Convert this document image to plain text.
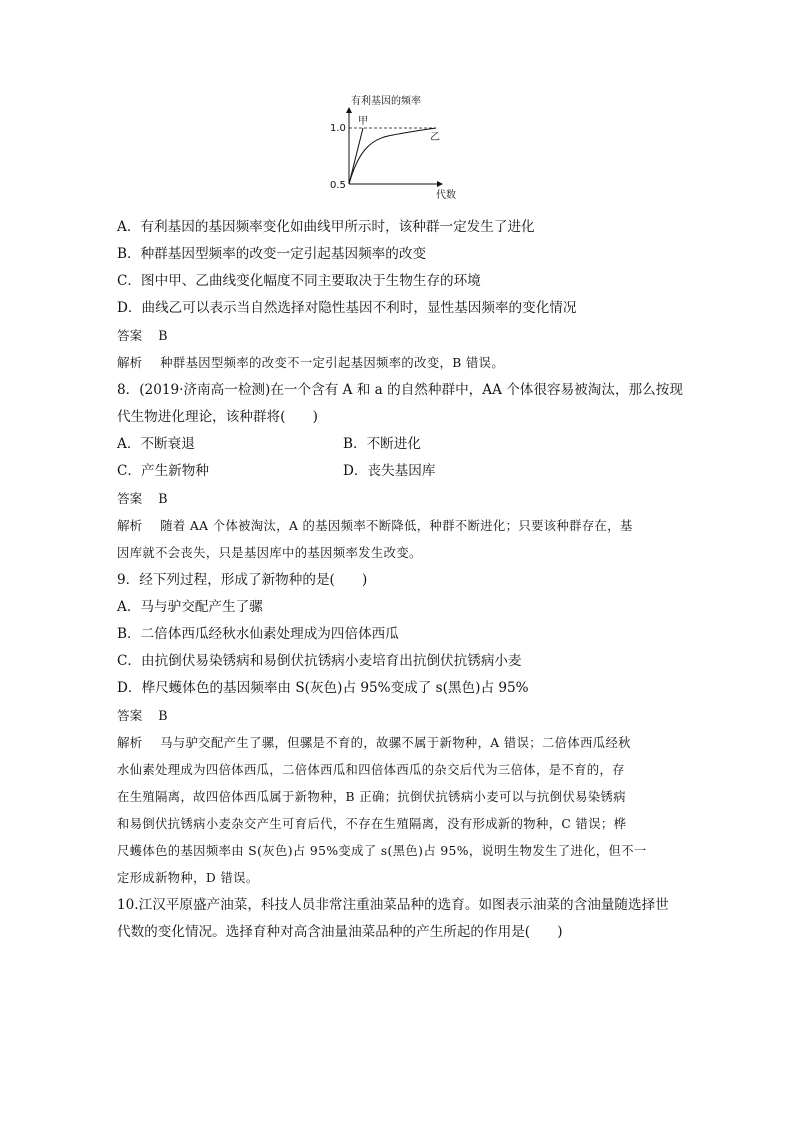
有利基因的频率
甲
乙
1.0
0.5
代数
A．有利基因的基因频率变化如曲线甲所示时，该种群一定发生了进化
B．种群基因型频率的改变一定引起基因频率的改变
C．图中甲、乙曲线变化幅度不同主要取决于生物生存的环境
D．曲线乙可以表示当自然选择对隐性基因不利时，显性基因频率的变化情况
答案 B
解析 种群基因型频率的改变不一定引起基因频率的改变，B 错误。
8．(2019·济南高一检测)在一个含有 A 和 a 的自然种群中，AA 个体很容易被淘汰，那么按现
代生物进化理论，该种群将(　　)
A．不断衰退	B．不断进化
C．产生新物种	D．丧失基因库
答案 B
解析 随着 AA 个体被淘汰，A 的基因频率不断降低，种群不断进化；只要该种群存在，基
因库就不会丧失，只是基因库中的基因频率发生改变。
9．经下列过程，形成了新物种的是(　　)
A．马与驴交配产生了骡
B．二倍体西瓜经秋水仙素处理成为四倍体西瓜
C．由抗倒伏易染锈病和易倒伏抗锈病小麦培育出抗倒伏抗锈病小麦
D．桦尺蠖体色的基因频率由 S(灰色)占 95%变成了 s(黑色)占 95%
答案 B
解析 马与驴交配产生了骡，但骡是不育的，故骡不属于新物种，A 错误；二倍体西瓜经秋
水仙素处理成为四倍体西瓜，二倍体西瓜和四倍体西瓜的杂交后代为三倍体，是不育的，存
在生殖隔离，故四倍体西瓜属于新物种，B 正确；抗倒伏抗锈病小麦可以与抗倒伏易染锈病
和易倒伏抗锈病小麦杂交产生可育后代，不存在生殖隔离，没有形成新的物种，C 错误；桦
尺蠖体色的基因频率由 S(灰色)占 95%变成了 s(黑色)占 95%，说明生物发生了进化，但不一
定形成新物种，D 错误。
10.江汉平原盛产油菜，科技人员非常注重油菜品种的选育。如图表示油菜的含油量随选择世
代数的变化情况。选择育种对高含油量油菜品种的产生所起的作用是(　　)
